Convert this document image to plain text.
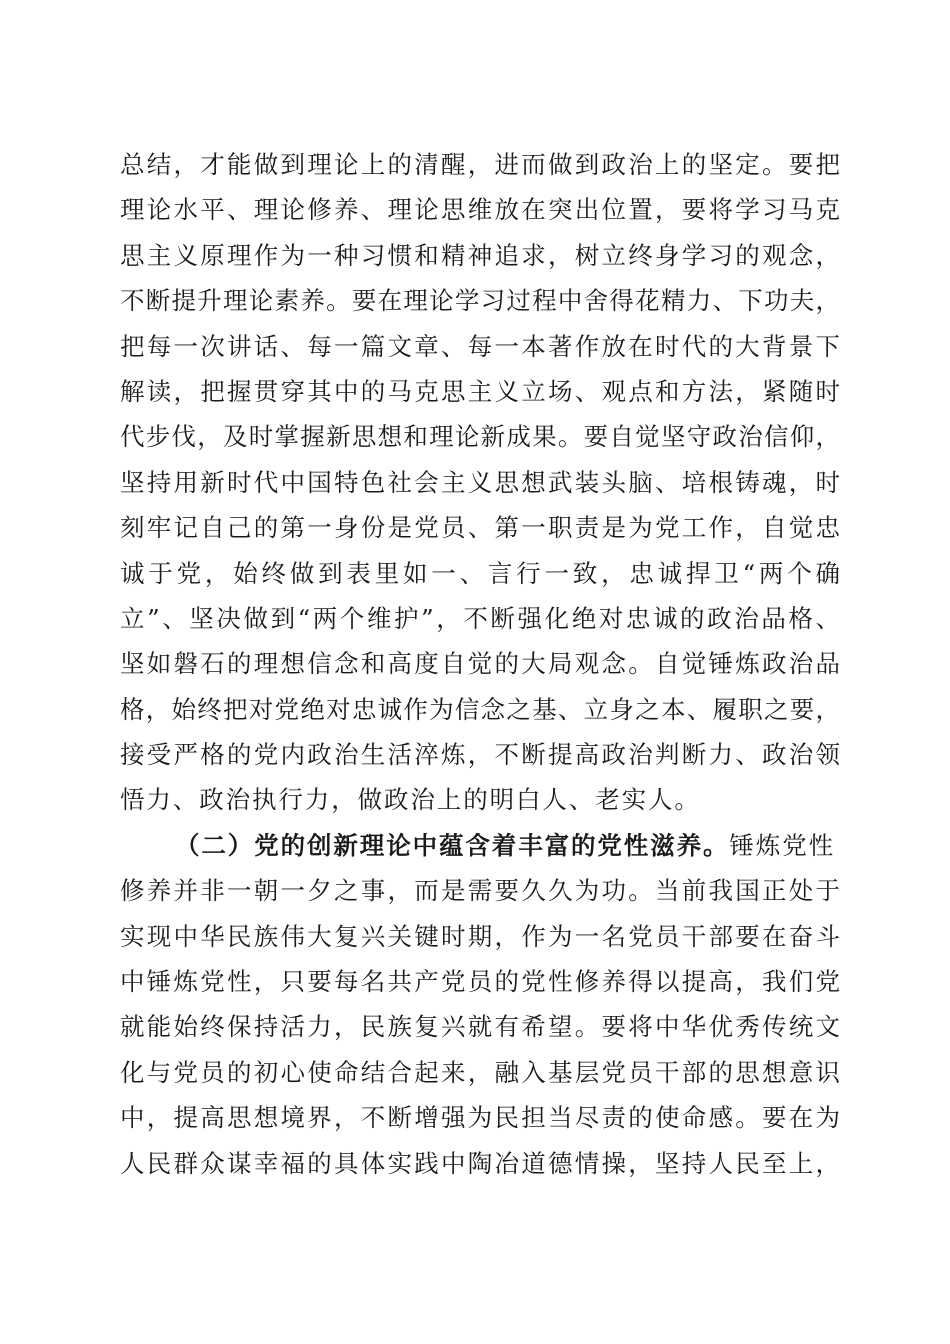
总结，才能做到理论上的清醒，进而做到政治上的坚定。要把
理论水平、理论修养、理论思维放在突出位置，要将学习马克
思主义原理作为一种习惯和精神追求，树立终身学习的观念，
不断提升理论素养。要在理论学习过程中舍得花精力、下功夫，
把每一次讲话、每一篇文章、每一本著作放在时代的大背景下
解读，把握贯穿其中的马克思主义立场、观点和方法，紧随时
代步伐，及时掌握新思想和理论新成果。要自觉坚守政治信仰，
坚持用新时代中国特色社会主义思想武装头脑、培根铸魂，时
刻牢记自己的第一身份是党员、第一职责是为党工作，自觉忠
诚于党，始终做到表里如一、言行一致，忠诚捍卫“两个确
立”、坚决做到“两个维护”，不断强化绝对忠诚的政治品格、
坚如磐石的理想信念和高度自觉的大局观念。自觉锤炼政治品
格，始终把对党绝对忠诚作为信念之基、立身之本、履职之要，
接受严格的党内政治生活淬炼，不断提高政治判断力、政治领
悟力、政治执行力，做政治上的明白人、老实人。
（二）党的创新理论中蕴含着丰富的党性滋养。锤炼党性
修养并非一朝一夕之事，而是需要久久为功。当前我国正处于
实现中华民族伟大复兴关键时期，作为一名党员干部要在奋斗
中锤炼党性，只要每名共产党员的党性修养得以提高，我们党
就能始终保持活力，民族复兴就有希望。要将中华优秀传统文
化与党员的初心使命结合起来，融入基层党员干部的思想意识
中，提高思想境界，不断增强为民担当尽责的使命感。要在为
人民群众谋幸福的具体实践中陶冶道德情操，坚持人民至上，
